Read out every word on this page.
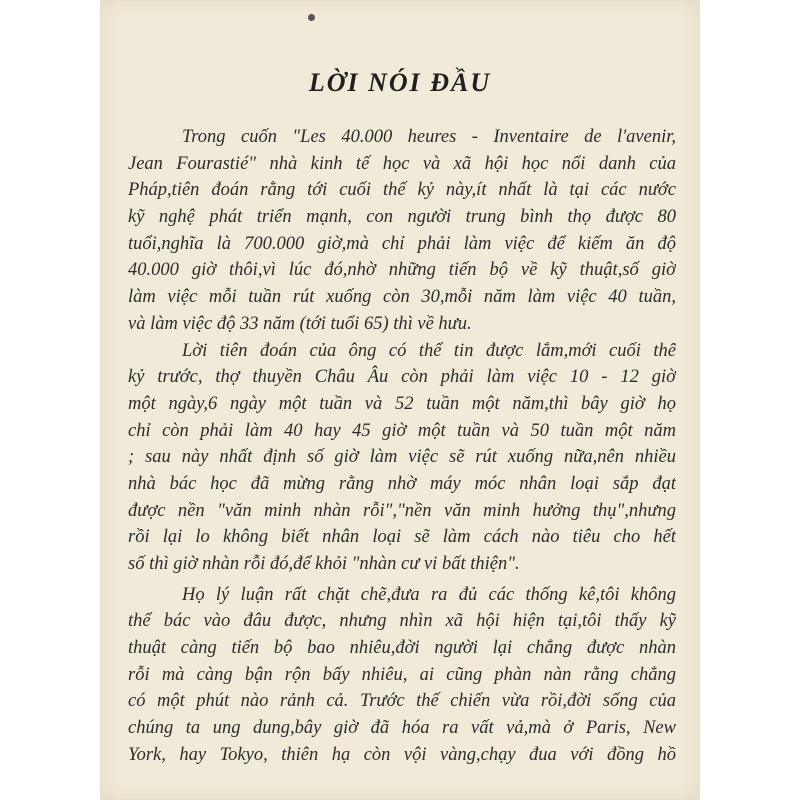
LỜI NÓI ĐẦU
Trong cuốn "Les 40.000 heures - Inventaire de l'avenir,
Jean Fourastié" nhà kinh tế học và xã hội học nổi danh của
Pháp,tiên đoán rằng tới cuối thế kỷ này,ít nhất là tại các nước
kỹ nghệ phát triển mạnh, con người trung bình thọ được 80
tuổi,nghĩa là 700.000 giờ,mà chỉ phải làm việc để kiếm ăn độ
40.000 giờ thôi,vì lúc đó,nhờ những tiến bộ về kỹ thuật,số giờ
làm việc mỗi tuần rút xuống còn 30,mỗi năm làm việc 40 tuần,
và làm việc độ 33 năm (tới tuổi 65) thì về hưu.
Lời tiên đoán của ông có thể tin được lắm,mới cuối thế
kỷ trước, thợ thuyền Châu Âu còn phải làm việc 10 - 12 giờ
một ngày,6 ngày một tuần và 52 tuần một năm,thì bây giờ họ
chỉ còn phải làm 40 hay 45 giờ một tuần và 50 tuần một năm
; sau này nhất định số giờ làm việc sẽ rút xuống nữa,nên nhiều
nhà bác học đã mừng rằng nhờ máy móc nhân loại sắp đạt
được nền "văn minh nhàn rỗi","nền văn minh hưởng thụ",nhưng
rồi lại lo không biết nhân loại sẽ làm cách nào tiêu cho hết
số thì giờ nhàn rỗi đó,để khỏi "nhàn cư vi bất thiện".
Họ lý luận rất chặt chẽ,đưa ra đủ các thống kê,tôi không
thể bác vào đâu được, nhưng nhìn xã hội hiện tại,tôi thấy kỹ
thuật càng tiến bộ bao nhiêu,đời người lại chẳng được nhàn
rỗi mà càng bận rộn bấy nhiêu, ai cũng phàn nàn rằng chẳng
có một phút nào rảnh cả. Trước thế chiến vừa rồi,đời sống của
chúng ta ung dung,bây giờ đã hóa ra vất vả,mà ở Paris, New
York, hay Tokyo, thiên hạ còn vội vàng,chạy đua với đồng hồ
